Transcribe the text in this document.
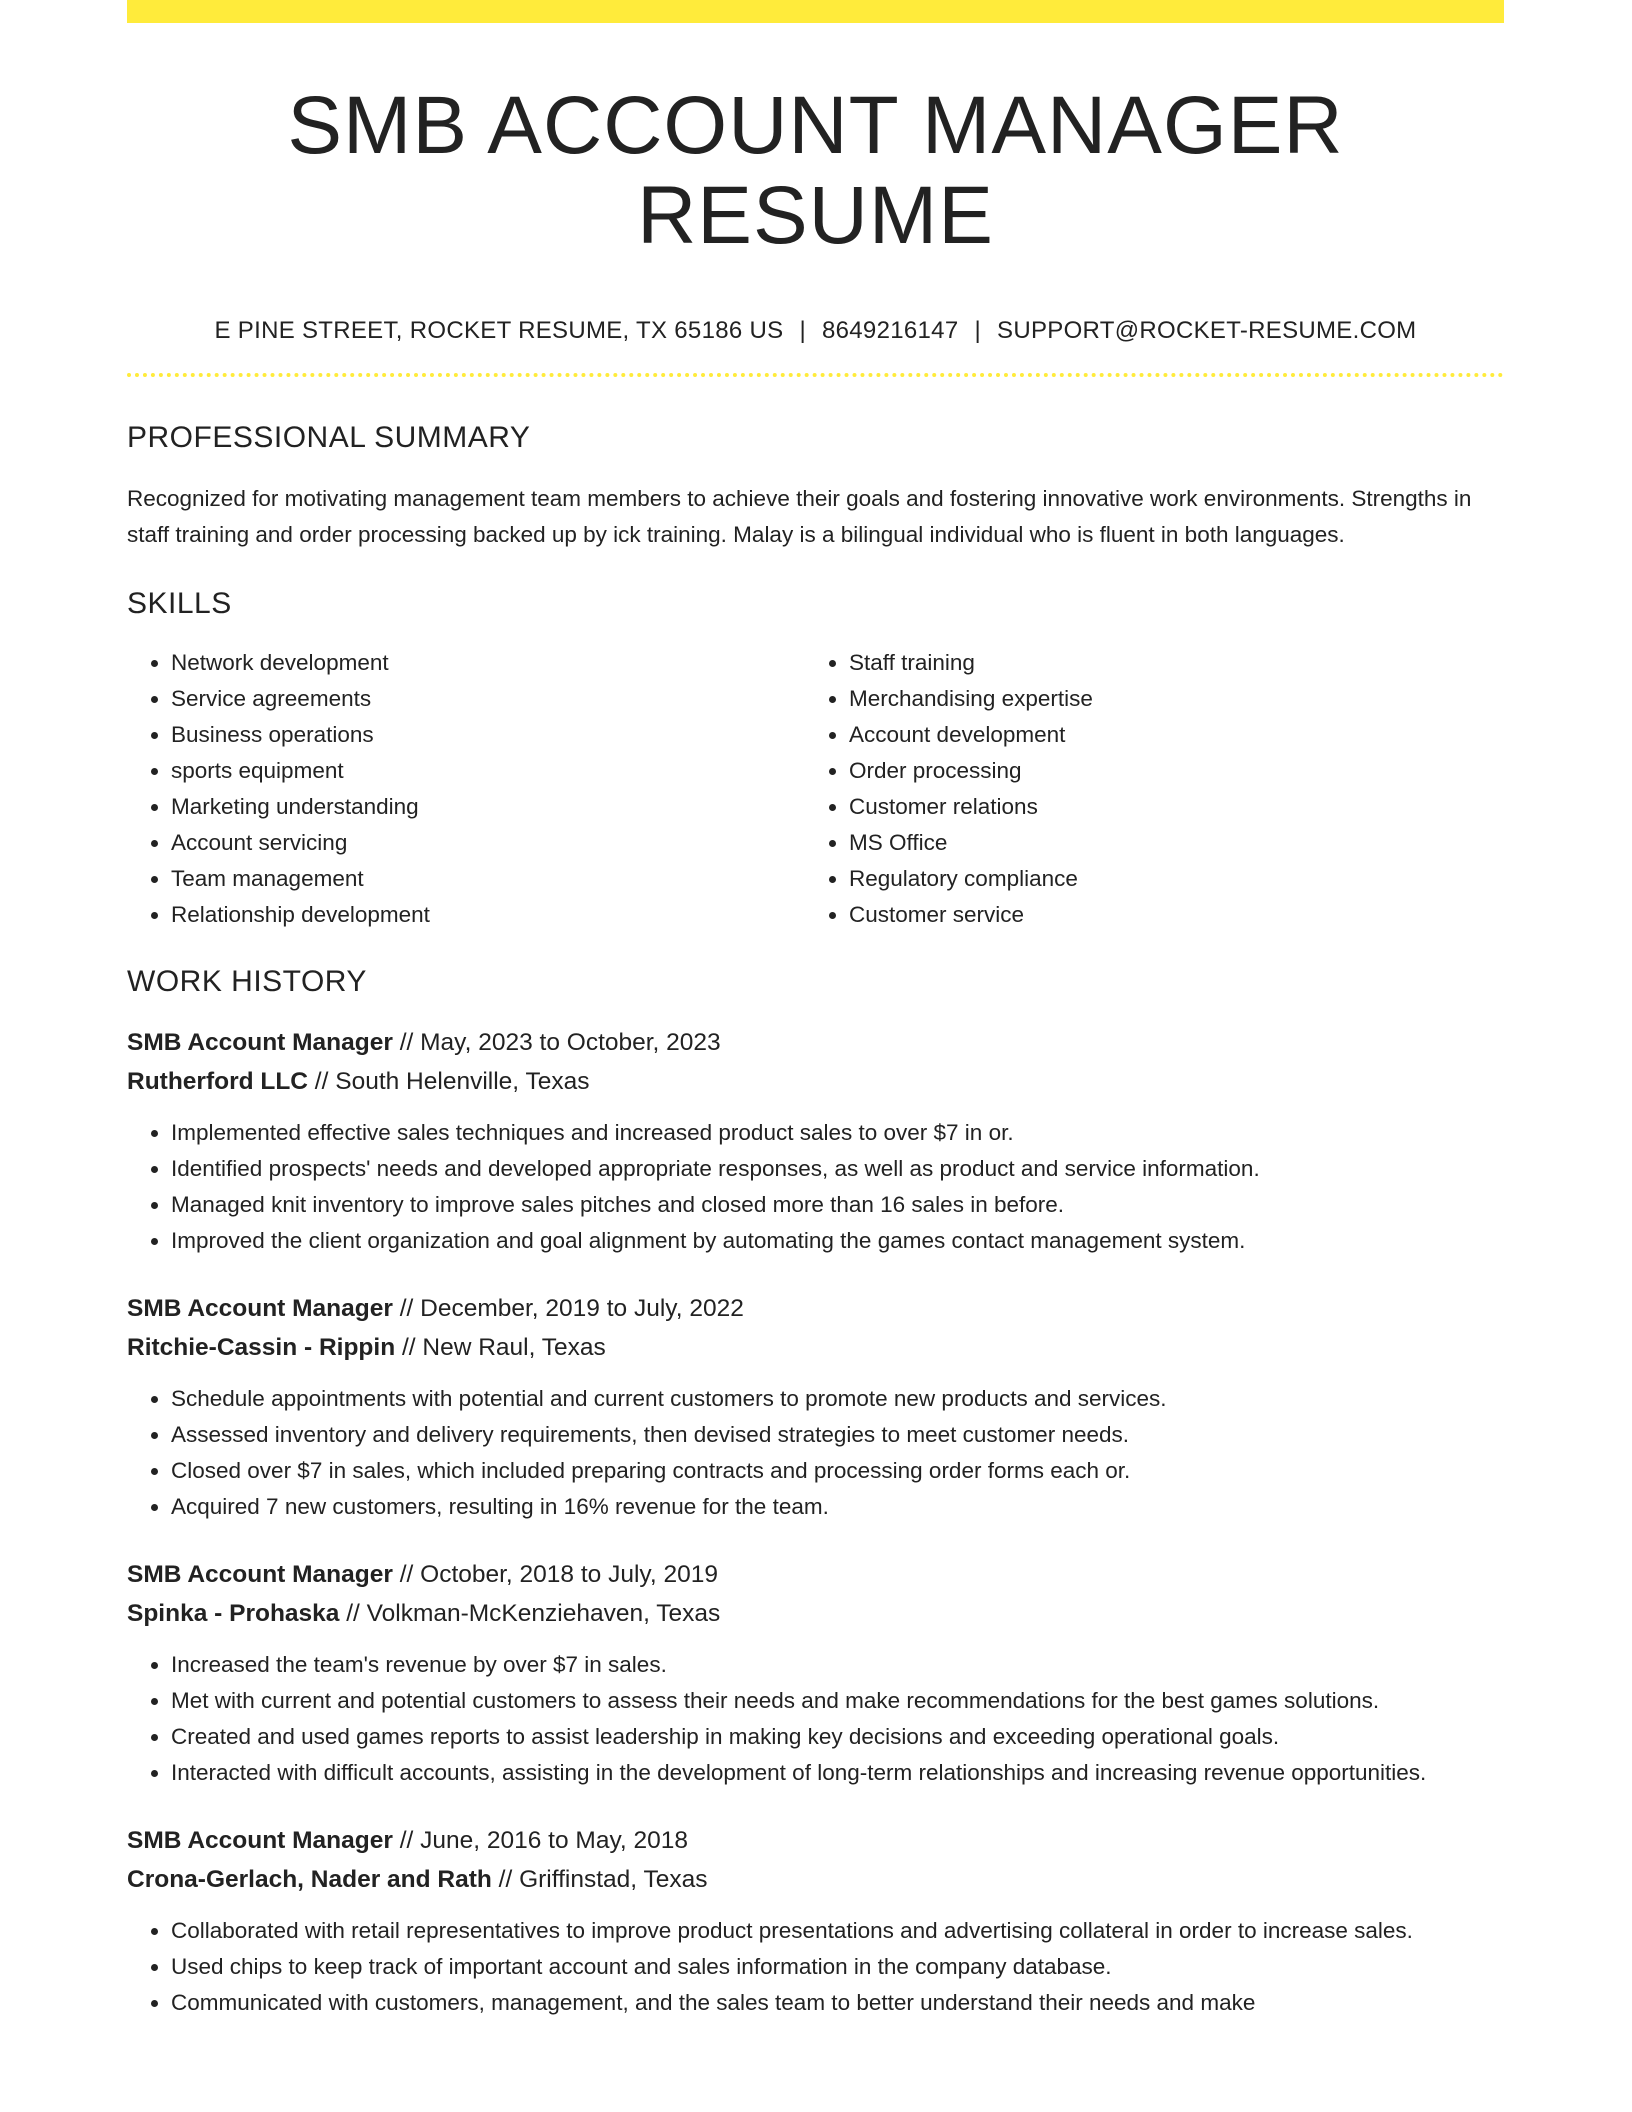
SMB ACCOUNT MANAGER RESUME
E PINE STREET, ROCKET RESUME, TX 65186 US | 8649216147 | SUPPORT@ROCKET-RESUME.COM
PROFESSIONAL SUMMARY
Recognized for motivating management team members to achieve their goals and fostering innovative work environments. Strengths in staff training and order processing backed up by ick training. Malay is a bilingual individual who is fluent in both languages.
SKILLS
• Network development
• Service agreements
• Business operations
• sports equipment
• Marketing understanding
• Account servicing
• Team management
• Relationship development
• Staff training
• Merchandising expertise
• Account development
• Order processing
• Customer relations
• MS Office
• Regulatory compliance
• Customer service
WORK HISTORY
SMB Account Manager // May, 2023 to October, 2023
Rutherford LLC // South Helenville, Texas
• Implemented effective sales techniques and increased product sales to over $7 in or.
• Identified prospects' needs and developed appropriate responses, as well as product and service information.
• Managed knit inventory to improve sales pitches and closed more than 16 sales in before.
• Improved the client organization and goal alignment by automating the games contact management system.
SMB Account Manager // December, 2019 to July, 2022
Ritchie-Cassin - Rippin // New Raul, Texas
• Schedule appointments with potential and current customers to promote new products and services.
• Assessed inventory and delivery requirements, then devised strategies to meet customer needs.
• Closed over $7 in sales, which included preparing contracts and processing order forms each or.
• Acquired 7 new customers, resulting in 16% revenue for the team.
SMB Account Manager // October, 2018 to July, 2019
Spinka - Prohaska // Volkman-McKenziehaven, Texas
• Increased the team's revenue by over $7 in sales.
• Met with current and potential customers to assess their needs and make recommendations for the best games solutions.
• Created and used games reports to assist leadership in making key decisions and exceeding operational goals.
• Interacted with difficult accounts, assisting in the development of long-term relationships and increasing revenue opportunities.
SMB Account Manager // June, 2016 to May, 2018
Crona-Gerlach, Nader and Rath // Griffinstad, Texas
• Collaborated with retail representatives to improve product presentations and advertising collateral in order to increase sales.
• Used chips to keep track of important account and sales information in the company database.
• Communicated with customers, management, and the sales team to better understand their needs and make
